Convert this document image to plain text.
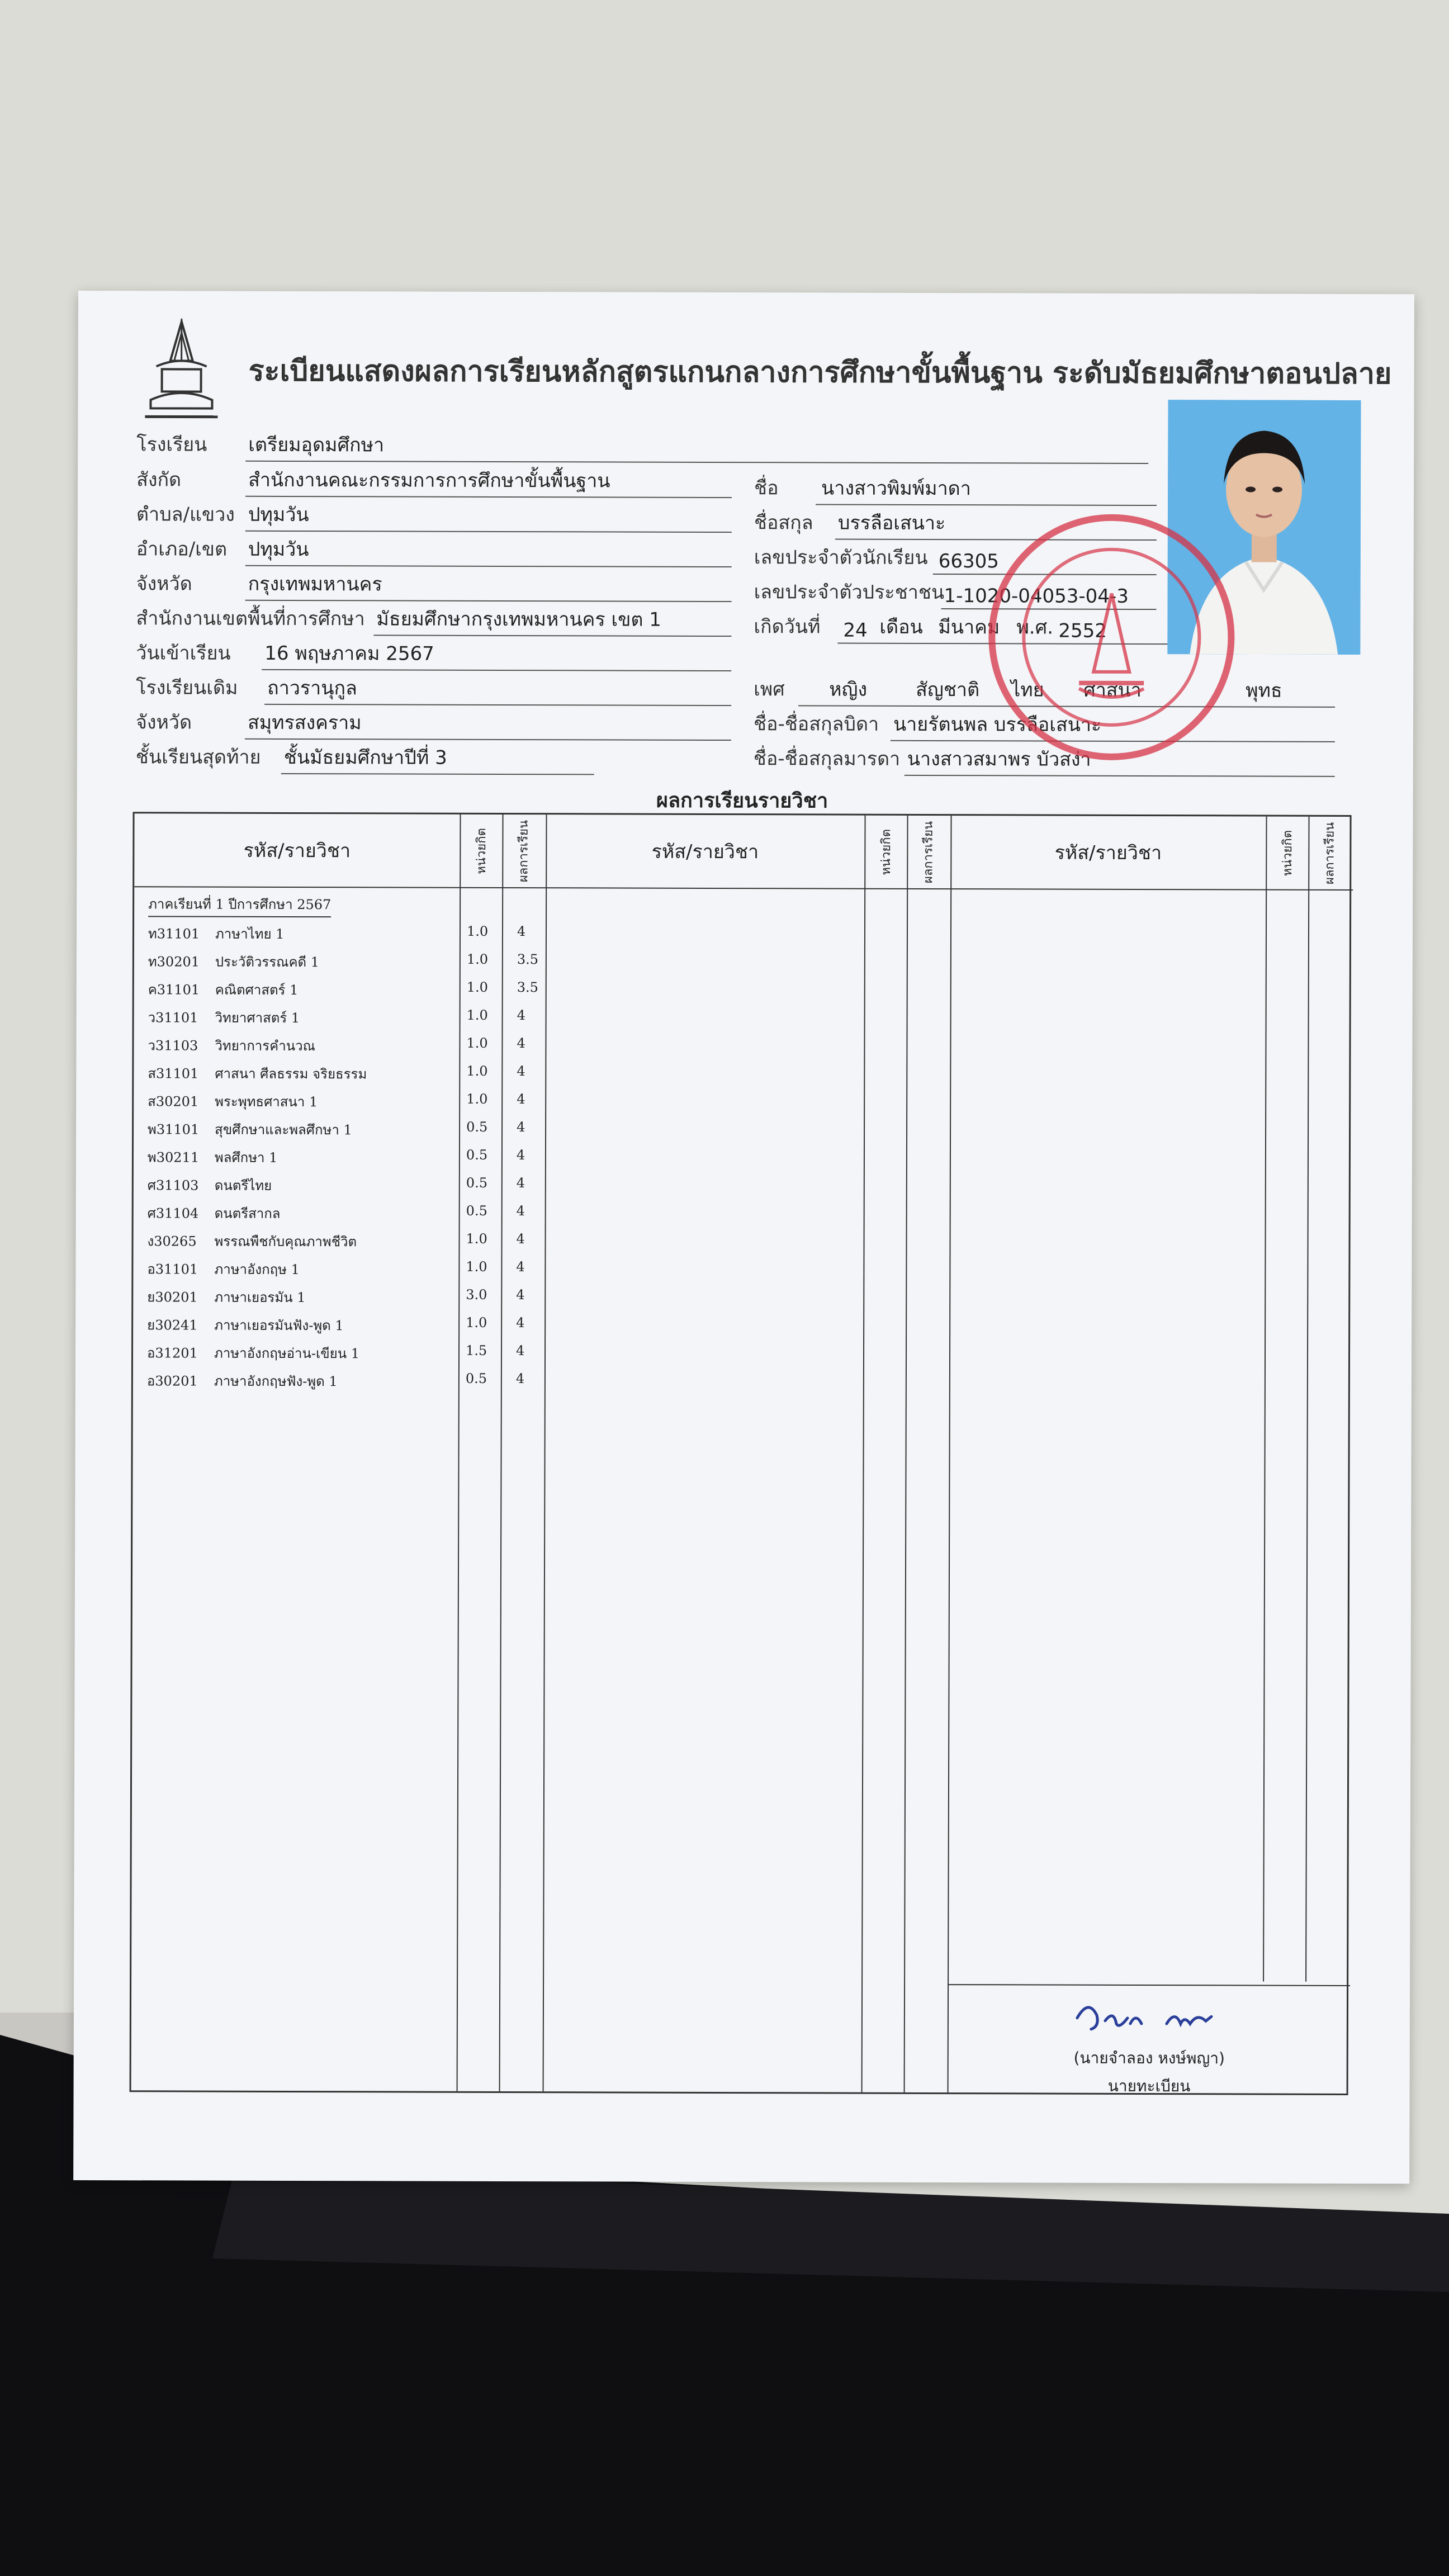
ระเบียนแสดงผลการเรียนหลักสูตรแกนกลางการศึกษาขั้นพื้นฐาน ระดับมัธยมศึกษาตอนปลาย
โรงเรียน เตรียมอุดมศึกษา
สังกัด	สำนักงานคณะกรรมการการศึกษาขั้นพื้นฐาน
ตำบล/แขวง ปทุมวัน
อำเภอ/เขต ปทุมวัน
จังหวัด	กรุงเทพมหานคร
สำนักงานเขตพื้นที่การศึกษา มัธยมศึกษากรุงเทพมหานคร เขต 1
วันเข้าเรียน 16 พฤษภาคม 2567
โรงเรียนเดิม ถาวรานุกูล
จังหวัด	สมุทรสงคราม
ชั้นเรียนสุดท้าย ชั้นมัธยมศึกษาปีที่ 3
ชื่อ นางสาวพิมพ์มาดา
ชื่อสกุล บรรลือเสนาะ
เลขประจำตัวนักเรียน 66305
เลขประจำตัวประชาชน 1-1020-04053-04-3
เกิดวันที่ 24 เดือน มีนาคม พ.ศ. 2552
เพศ หญิง	สัญชาติ ไทย ศาสนา	พุทธ
ชื่อ-ชื่อสกุลบิดา นายรัตนพล บรรลือเสนาะ
ชื่อ-ชื่อสกุลมารดา นางสาวสมาพร บัวสง่า
ผลการเรียนรายวิชา
รหัส/รายวิชา	หน่วยกิต ผลการเรียน	รหัส/รายวิชา	หน่วยกิต ผลการเรียน	รหัส/รายวิชา	หน่วยกิต ผลการเรียน
ภาคเรียนที่ 1 ปีการศึกษา 2567
ท31101	ภาษาไทย 1	1.0	4
ท30201	ประวัติวรรณคดี 1	1.0	3.5
ค31101	คณิตศาสตร์ 1	1.0	3.5
ว31101	วิทยาศาสตร์ 1	1.0	4
ว31103	วิทยาการคำนวณ	1.0	4
ส31101	ศาสนา ศีลธรรม จริยธรรม	1.0	4
ส30201	พระพุทธศาสนา 1	1.0	4
พ31101	สุขศึกษาและพลศึกษา 1	0.5	4
พ30211	พลศึกษา 1	0.5	4
ศ31103	ดนตรีไทย	0.5	4
ศ31104	ดนตรีสากล	0.5	4
ง30265	พรรณพืชกับคุณภาพชีวิต	1.0	4
อ31101	ภาษาอังกฤษ 1	1.0	4
ย30201	ภาษาเยอรมัน 1	3.0	4
ย30241	ภาษาเยอรมันฟัง-พูด 1	1.0	4
อ31201	ภาษาอังกฤษอ่าน-เขียน 1	1.5	4
อ30201	ภาษาอังกฤษฟัง-พูด 1	0.5	4
(นายจำลอง หงษ์พญา)
นายทะเบียน
